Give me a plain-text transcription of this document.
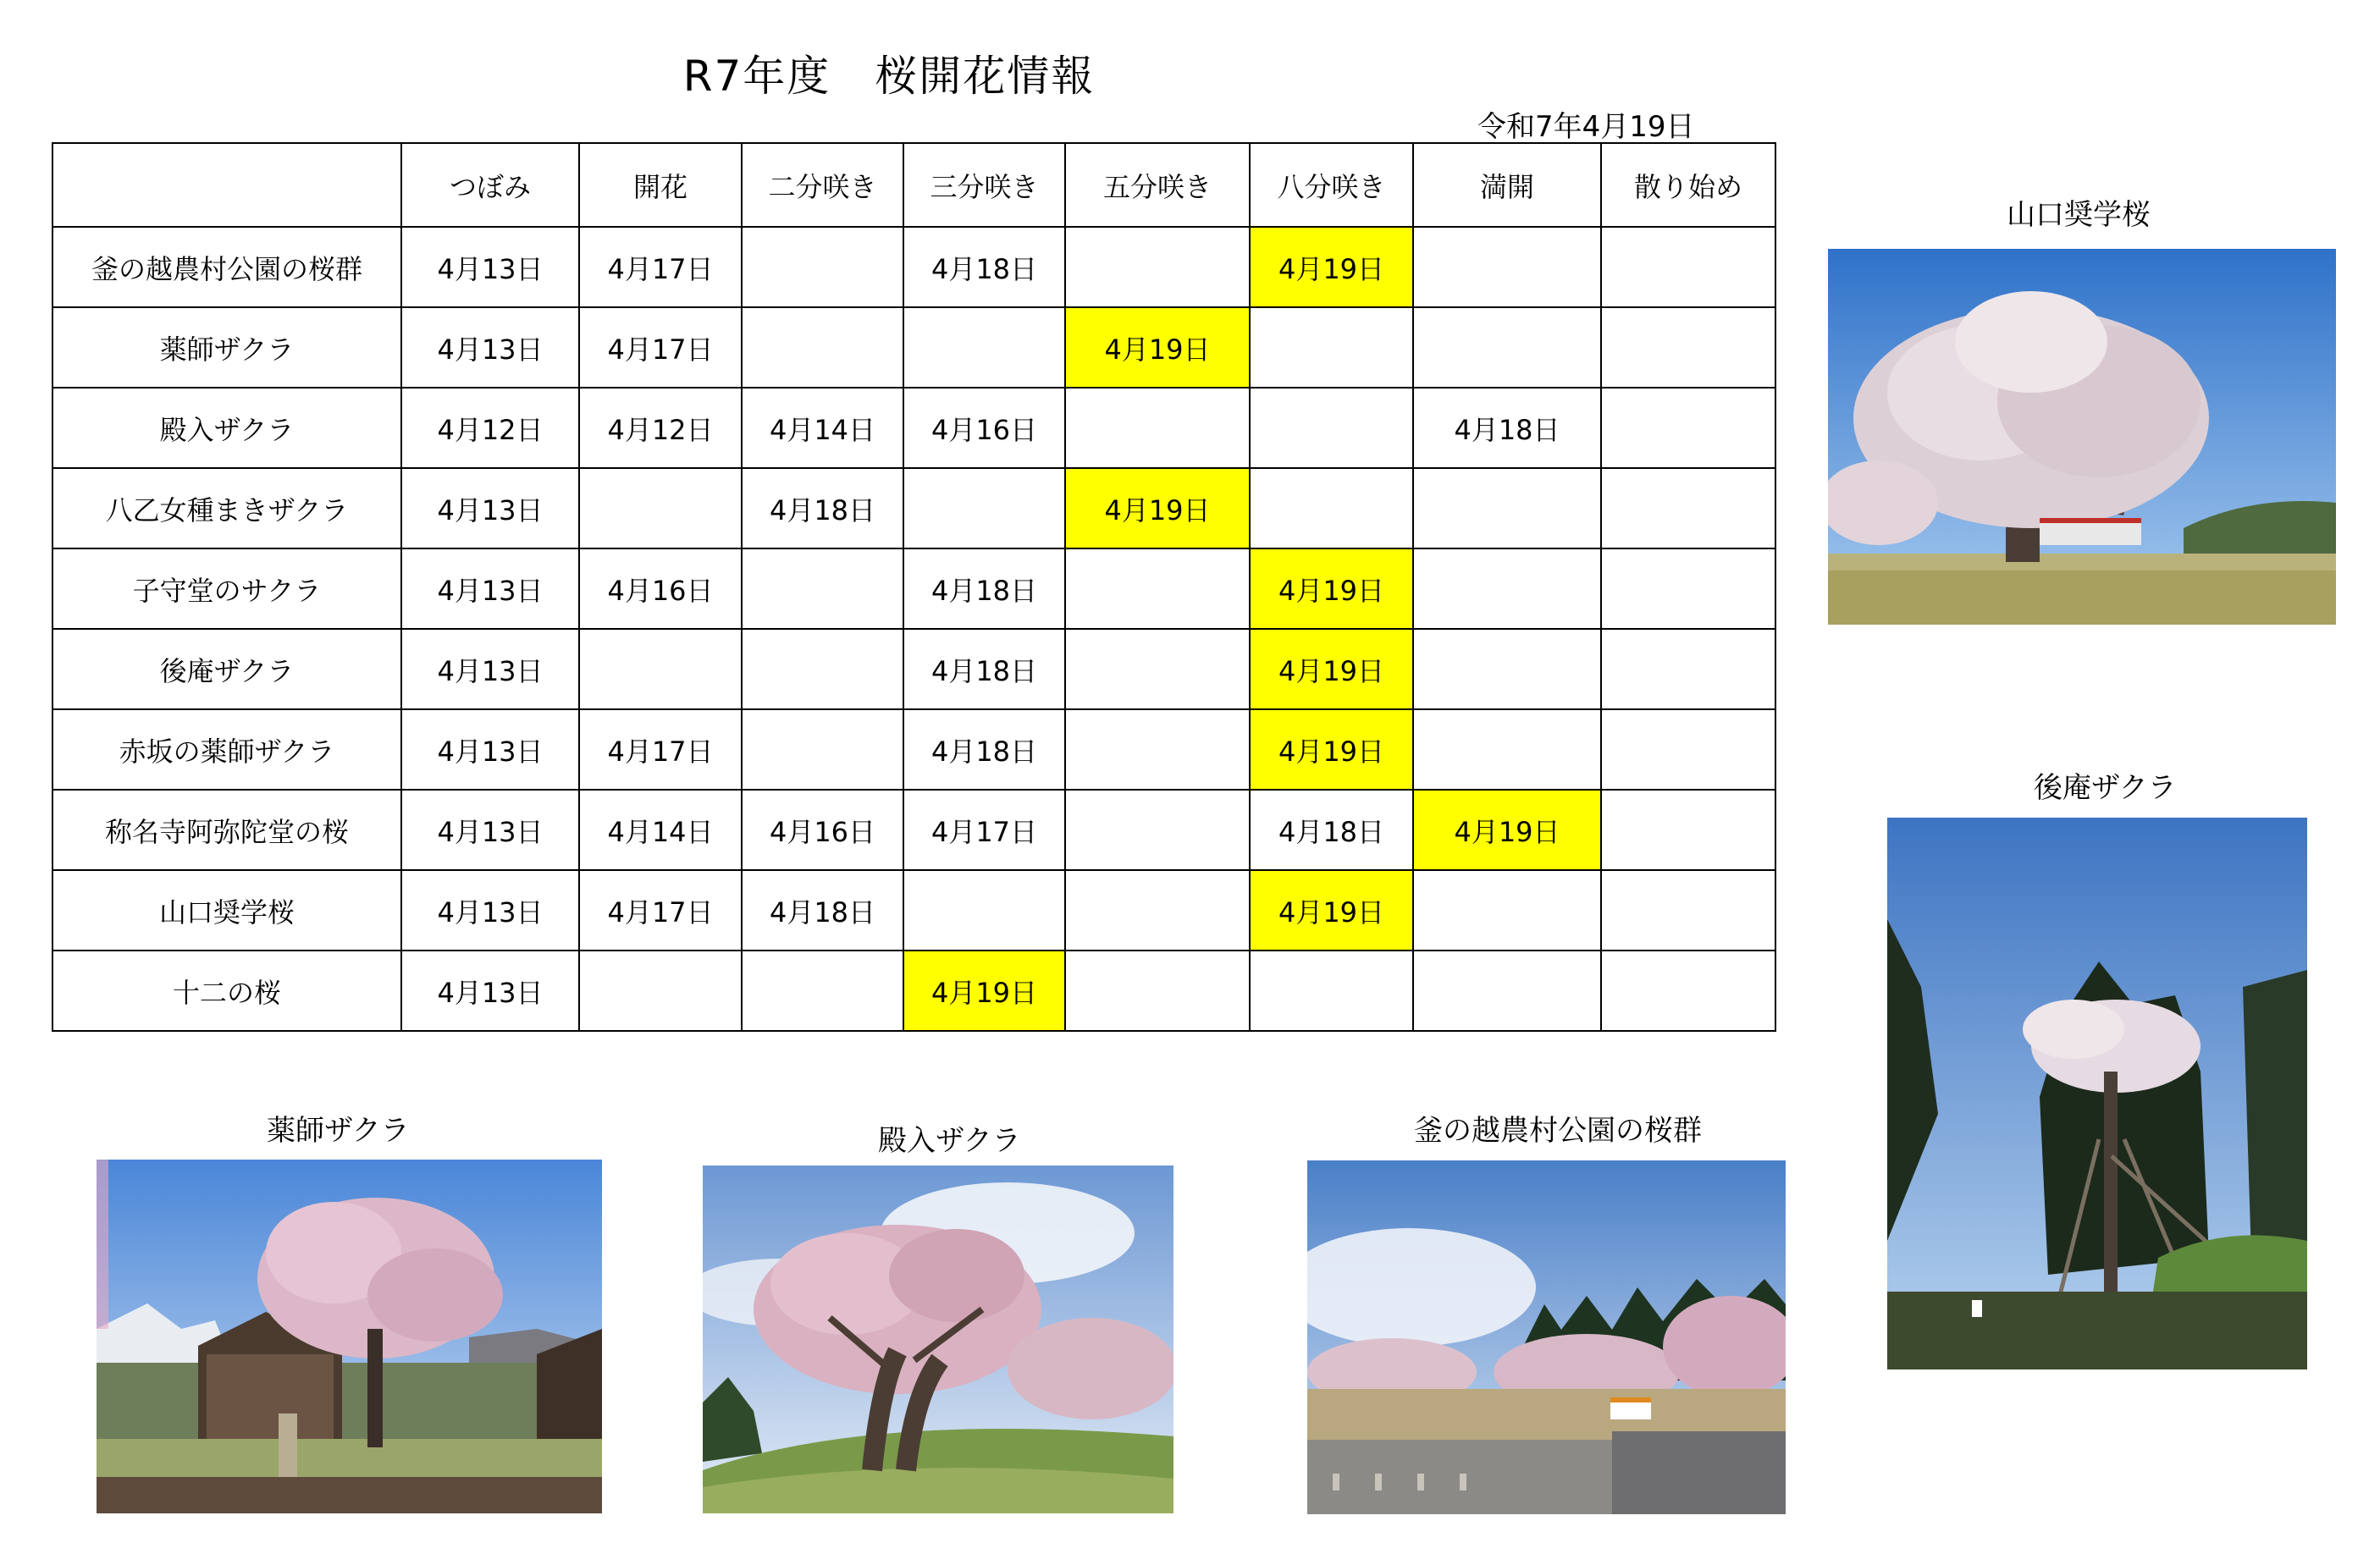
R7年度　桜開花情報
令和7年4月19日
	つぼみ	開花	二分咲き	三分咲き	五分咲き	八分咲き	満開	散り始め
釜の越農村公園の桜群	4月13日	4月17日		4月18日		4月19日		
薬師ザクラ	4月13日	4月17日			4月19日			
殿入ザクラ	4月12日	4月12日	4月14日	4月16日			4月18日	
八乙女種まきザクラ	4月13日		4月18日		4月19日			
子守堂のサクラ	4月13日	4月16日		4月18日		4月19日		
後庵ザクラ	4月13日			4月18日		4月19日		
赤坂の薬師ザクラ	4月13日	4月17日		4月18日		4月19日		
称名寺阿弥陀堂の桜	4月13日	4月14日	4月16日	4月17日		4月18日	4月19日	
山口奨学桜	4月13日	4月17日	4月18日			4月19日		
十二の桜	4月13日			4月19日				
山口奨学桜
後庵ザクラ
薬師ザクラ	殿入ザクラ	釜の越農村公園の桜群
